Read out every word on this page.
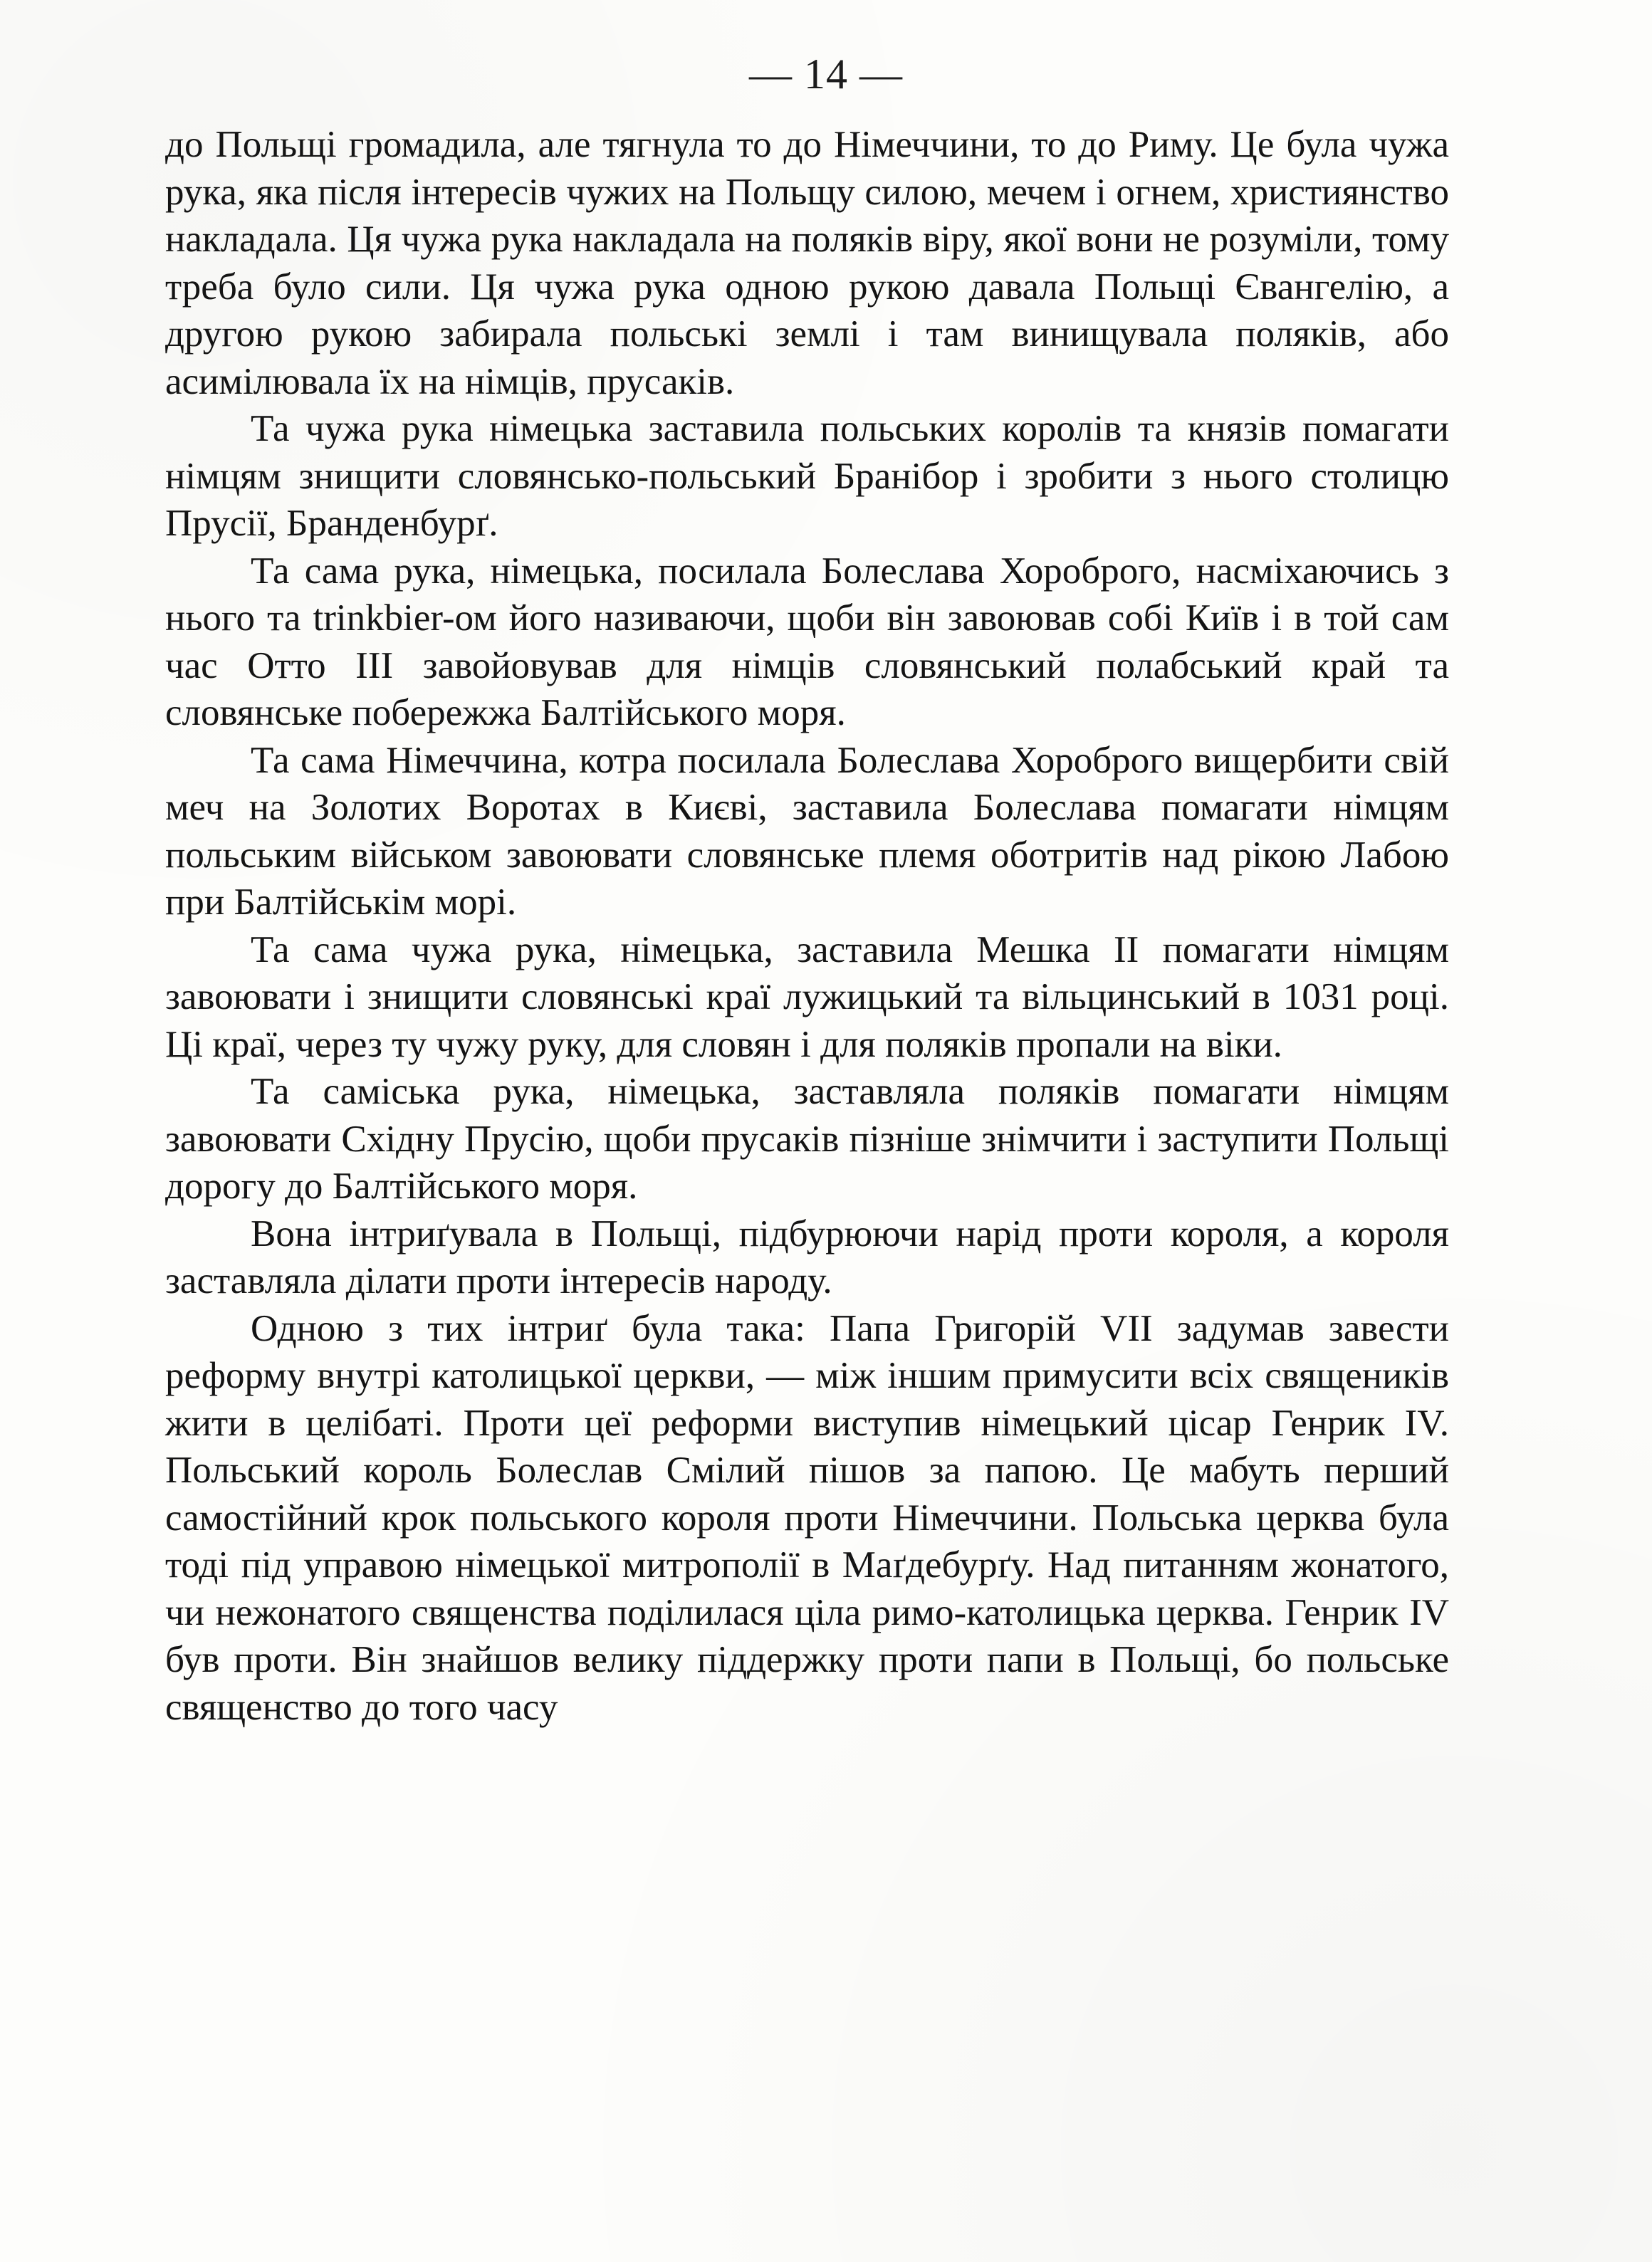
— 14 —

до Польщі громадила, але тягнула то до Німеччини, то до Риму. Це була чужа рука, яка після інтересів чужих на Польщу силою, мечем і огнем, християнство накладала. Ця чужа рука накладала на поляків віру, якої вони не розуміли, тому треба було сили. Ця чужа рука одною рукою давала Польщі Євангелію, а другою рукою забирала польські землі і там винищувала поляків, або асимілювала їх на німців, прусаків.

Та чужа рука німецька заставила польських королів та князів помагати німцям знищити словянсько-польський Бранібор і зробити з нього столицю Прусії, Бранденбурґ.

Та сама рука, німецька, посилала Болеслава Хороброго, насміхаючись з нього та trinkbier-ом його називаючи, щоби він завоював собі Київ і в той сам час Отто III завойовував для німців словянський полабський край та словянське побережжа Балтійського моря.

Та сама Німеччина, котра посилала Болеслава Хороброго вищербити свій меч на Золотих Воротах в Києві, заставила Болеслава помагати німцям польським військом завоювати словянське племя оботритів над рікою Лабою при Балтійськім морі.

Та сама чужа рука, німецька, заставила Мешка II помагати німцям завоювати і знищити словянські краї лужицький та вільцинський в 1031 році. Ці краї, через ту чужу руку, для словян і для поляків пропали на віки.

Та саміська рука, німецька, заставляла поляків помагати німцям завоювати Східну Прусію, щоби прусаків пізніше знімчити і заступити Польщі дорогу до Балтійського моря.

Вона інтриґувала в Польщі, підбурюючи нарід проти короля, а короля заставляла ділати проти інтересів народу.

Одною з тих інтриґ була така: Папа Григорій VII задумав завести реформу внутрі католицької церкви, — між іншим примусити всіх священиків жити в целібаті. Проти цеї реформи виступив німецький цісар Генрик IV. Польський король Болеслав Смілий пішов за папою. Це мабуть перший самостійний крок польського короля проти Німеччини. Польська церква була тоді під управою німецької митрополії в Маґдебурґу. Над питанням жонатого, чи нежонатого священства поділилася ціла римо-католицька церква. Генрик IV був проти. Він знайшов велику піддержку проти папи в Польщі, бо польське священство до того часу
